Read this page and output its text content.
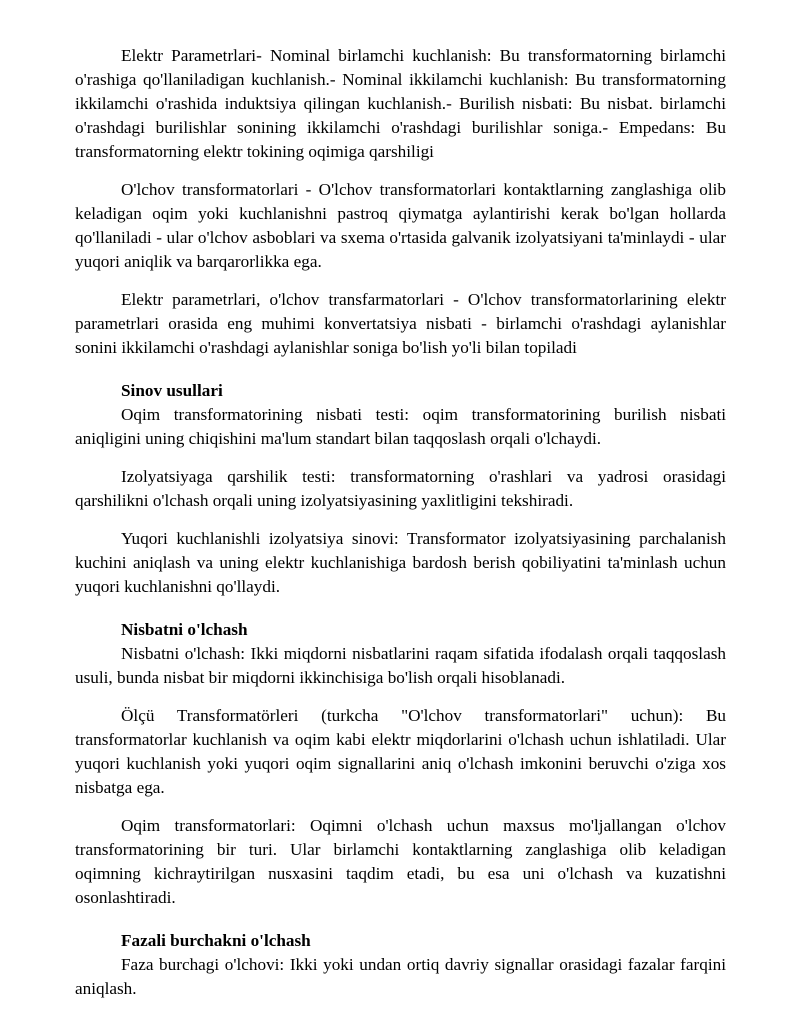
Elektr Parametrlari- Nominal birlamchi kuchlanish: Bu transformatorning birlamchi o'rashiga qo'llaniladigan kuchlanish.- Nominal ikkilamchi kuchlanish: Bu transformatorning ikkilamchi o'rashida induktsiya qilingan kuchlanish.- Burilish nisbati: Bu nisbat. birlamchi o'rashdagi burilishlar sonining ikkilamchi o'rashdagi burilishlar soniga.- Empedans: Bu transformatorning elektr tokining oqimiga qarshiligi

O'lchov transformatorlari - O'lchov transformatorlari kontaktlarning zanglashiga olib keladigan oqim yoki kuchlanishni pastroq qiymatga aylantirishi kerak bo'lgan hollarda qo'llaniladi - ular o'lchov asboblari va sxema o'rtasida galvanik izolyatsiyani ta'minlaydi - ular yuqori aniqlik va barqarorlikka ega.

Elektr parametrlari, o'lchov transfarmatorlari - O'lchov transformatorlarining elektr parametrlari orasida eng muhimi konvertatsiya nisbati - birlamchi o'rashdagi aylanishlar sonini ikkilamchi o'rashdagi aylanishlar soniga bo'lish yo'li bilan topiladi

Sinov usullari

Oqim transformatorining nisbati testi: oqim transformatorining burilish nisbati aniqligini uning chiqishini ma'lum standart bilan taqqoslash orqali o'lchaydi.

Izolyatsiyaga qarshilik testi: transformatorning o'rashlari va yadrosi orasidagi qarshilikni o'lchash orqali uning izolyatsiyasining yaxlitligini tekshiradi.

Yuqori kuchlanishli izolyatsiya sinovi: Transformator izolyatsiyasining parchalanish kuchini aniqlash va uning elektr kuchlanishiga bardosh berish qobiliyatini ta'minlash uchun yuqori kuchlanishni qo'llaydi.

Nisbatni o'lchash

Nisbatni o'lchash: Ikki miqdorni nisbatlarini raqam sifatida ifodalash orqali taqqoslash usuli, bunda nisbat bir miqdorni ikkinchisiga bo'lish orqali hisoblanadi.

Ölçü Transformatörleri (turkcha "O'lchov transformatorlari" uchun): Bu transformatorlar kuchlanish va oqim kabi elektr miqdorlarini o'lchash uchun ishlatiladi. Ular yuqori kuchlanish yoki yuqori oqim signallarini aniq o'lchash imkonini beruvchi o'ziga xos nisbatga ega.

Oqim transformatorlari: Oqimni o'lchash uchun maxsus mo'ljallangan o'lchov transformatorining bir turi. Ular birlamchi kontaktlarning zanglashiga olib keladigan oqimning kichraytirilgan nusxasini taqdim etadi, bu esa uni o'lchash va kuzatishni osonlashtiradi.

Fazali burchakni o'lchash

Faza burchagi o'lchovi: Ikki yoki undan ortiq davriy signallar orasidagi fazalar farqini aniqlash.
